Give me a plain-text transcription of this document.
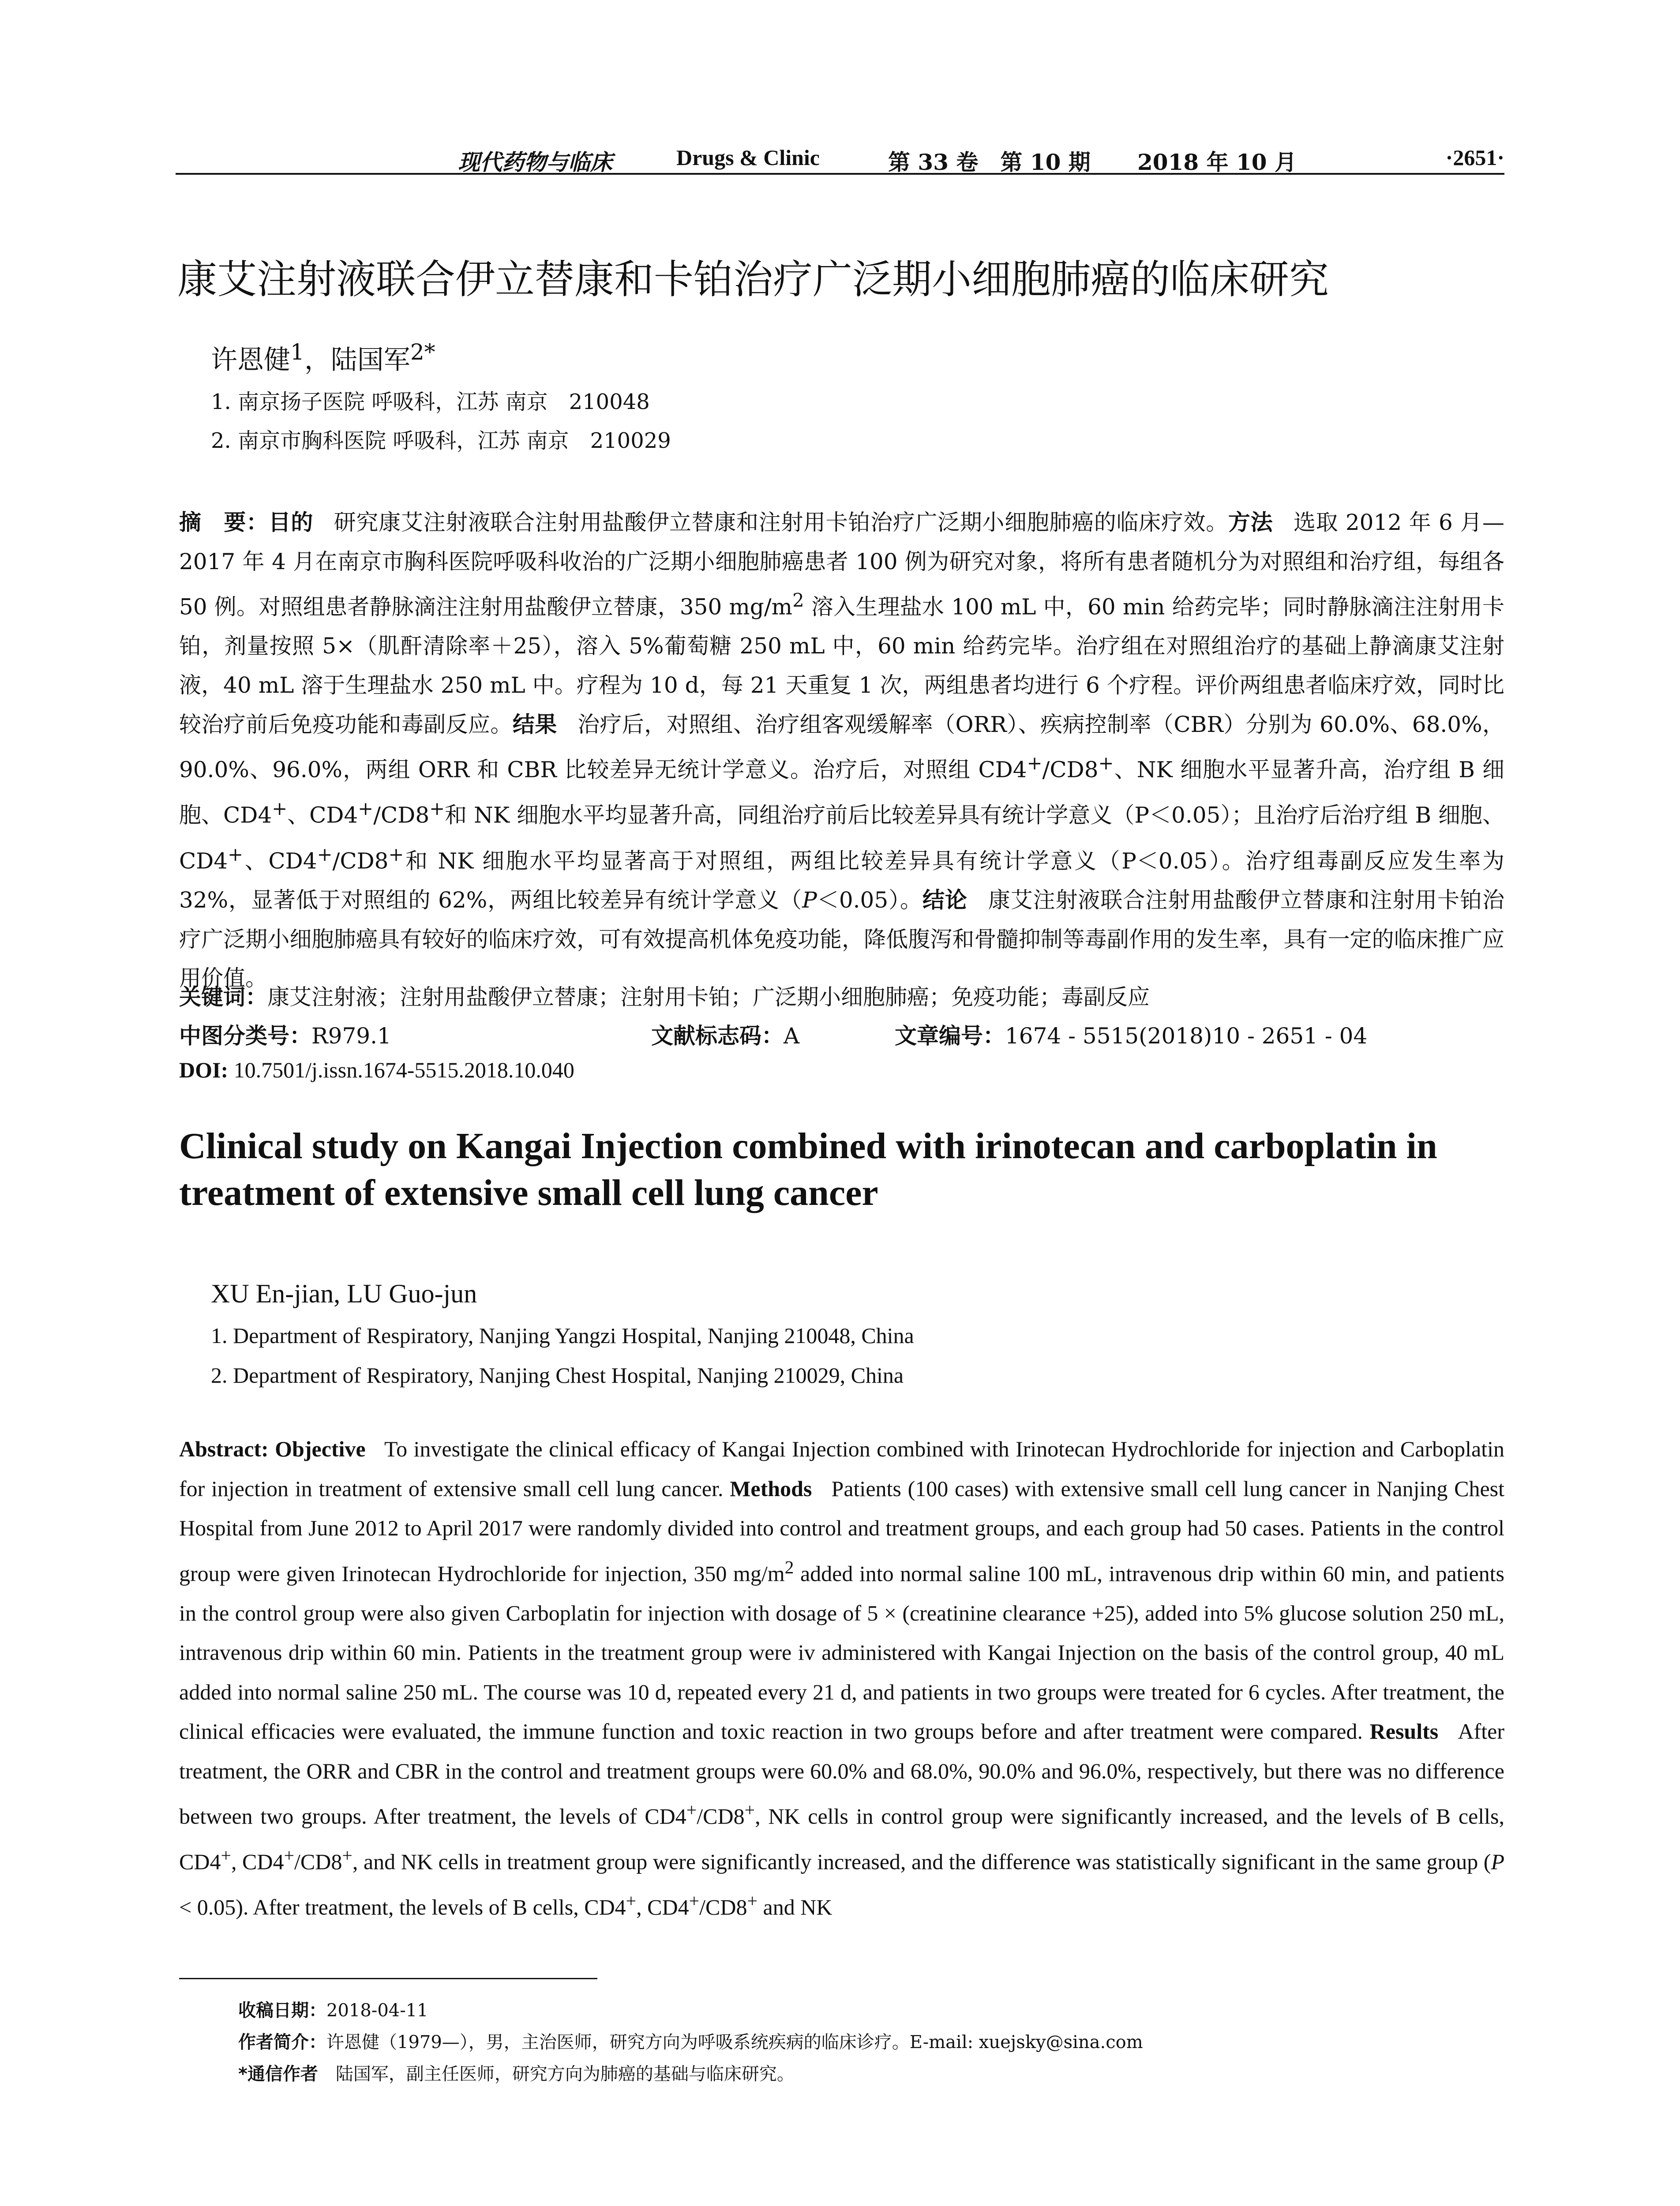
现代药物与临床	Drugs & Clinic	第 33 卷　第 10 期 2018 年 10 月	·2651·
康艾注射液联合伊立替康和卡铂治疗广泛期小细胞肺癌的临床研究
许恩健$^1$，陆国军$^{2*}$
1. 南京扬子医院 呼吸科，江苏 南京　210048
2. 南京市胸科医院 呼吸科，江苏 南京　210029
摘　要：目的 研究康艾注射液联合注射用盐酸伊立替康和注射用卡铂治疗广泛期小细胞肺癌的临床疗效。方法 选取 2012 年 6 月—2017 年 4 月在南京市胸科医院呼吸科收治的广泛期小细胞肺癌患者 100 例为研究对象，将所有患者随机分为对照组和治疗组，每组各 50 例。对照组患者静脉滴注注射用盐酸伊立替康，350 $mg/m^2$ 溶入生理盐水 100 mL 中，60 min 给药完毕；同时静脉滴注注射用卡铂，剂量按照 5×（肌酐清除率＋25），溶入 5%葡萄糖 250 mL 中，60 min 给药完毕。治疗组在对照组治疗的基础上静滴康艾注射液，40 mL 溶于生理盐水 250 mL 中。疗程为 10 d，每 21 天重复 1 次，两组患者均进行 6 个疗程。评价两组患者临床疗效，同时比较治疗前后免疫功能和毒副反应。结果 治疗后，对照组、治疗组客观缓解率（ORR）、疾病控制率（CBR）分别为 60.0%、68.0%，90.0%、96.0%，两组 ORR 和 CBR 比较差异无统计学意义。治疗后，对照组 CD4+/CD8+、NK 细胞水平显著升高，治疗组 B 细胞、CD4+、CD4+/CD8+和 NK 细胞水平均显著升高，同组治疗前后比较差异具有统计学意义（P＜0.05）；且治疗后治疗组 B 细胞、CD4+、CD4+/CD8+和 NK 细胞水平均显著高于对照组，两组比较差异具有统计学意义（P＜0.05）。治疗组毒副反应发生率为 32%，显著低于对照组的 62%，两组比较差异有统计学意义（P＜0.05）。结论 康艾注射液联合注射用盐酸伊立替康和注射用卡铂治疗广泛期小细胞肺癌具有较好的临床疗效，可有效提高机体免疫功能，降低腹泻和骨髓抑制等毒副作用的发生率，具有一定的临床推广应用价值。
关键词：康艾注射液；注射用盐酸伊立替康；注射用卡铂；广泛期小细胞肺癌；免疫功能；毒副反应
中图分类号：R979.1	文献标志码：A	文章编号：1674 - 5515(2018)10 - 2651 - 04
DOI: 10.7501/j.issn.1674-5515.2018.10.040
Clinical study on Kangai Injection combined with irinotecan and carboplatin in treatment of extensive small cell lung cancer
XU En-jian, LU Guo-jun
1. Department of Respiratory, Nanjing Yangzi Hospital, Nanjing 210048, China
2. Department of Respiratory, Nanjing Chest Hospital, Nanjing 210029, China
Abstract: Objective To investigate the clinical efficacy of Kangai Injection combined with Irinotecan Hydrochloride for injection and Carboplatin for injection in treatment of extensive small cell lung cancer. Methods Patients (100 cases) with extensive small cell lung cancer in Nanjing Chest Hospital from June 2012 to April 2017 were randomly divided into control and treatment groups, and each group had 50 cases. Patients in the control group were given Irinotecan Hydrochloride for injection, 350 $mg/m^2$ added into normal saline 100 mL, intravenous drip within 60 min, and patients in the control group were also given Carboplatin for injection with dosage of 5 × (creatinine clearance +25), added into 5% glucose solution 250 mL, intravenous drip within 60 min. Patients in the treatment group were iv administered with Kangai Injection on the basis of the control group, 40 mL added into normal saline 250 mL. The course was 10 d, repeated every 21 d, and patients in two groups were treated for 6 cycles. After treatment, the clinical efficacies were evaluated, the immune function and toxic reaction in two groups before and after treatment were compared. Results After treatment, the ORR and CBR in the control and treatment groups were 60.0% and 68.0%, 90.0% and 96.0%, respectively, but there was no difference between two groups. After treatment, the levels of CD4+/CD8+, NK cells in control group were significantly increased, and the levels of B cells, CD4+, CD4+/CD8+, and NK cells in treatment group were significantly increased, and the difference was statistically significant in the same group (P < 0.05). After treatment, the levels of B cells, CD4+, CD4+/CD8+ and NK
收稿日期：2018-04-11
作者简介：许恩健（1979—），男，主治医师，研究方向为呼吸系统疾病的临床诊疗。E-mail: xuejsky@sina.com
*通信作者　陆国军，副主任医师，研究方向为肺癌的基础与临床研究。
